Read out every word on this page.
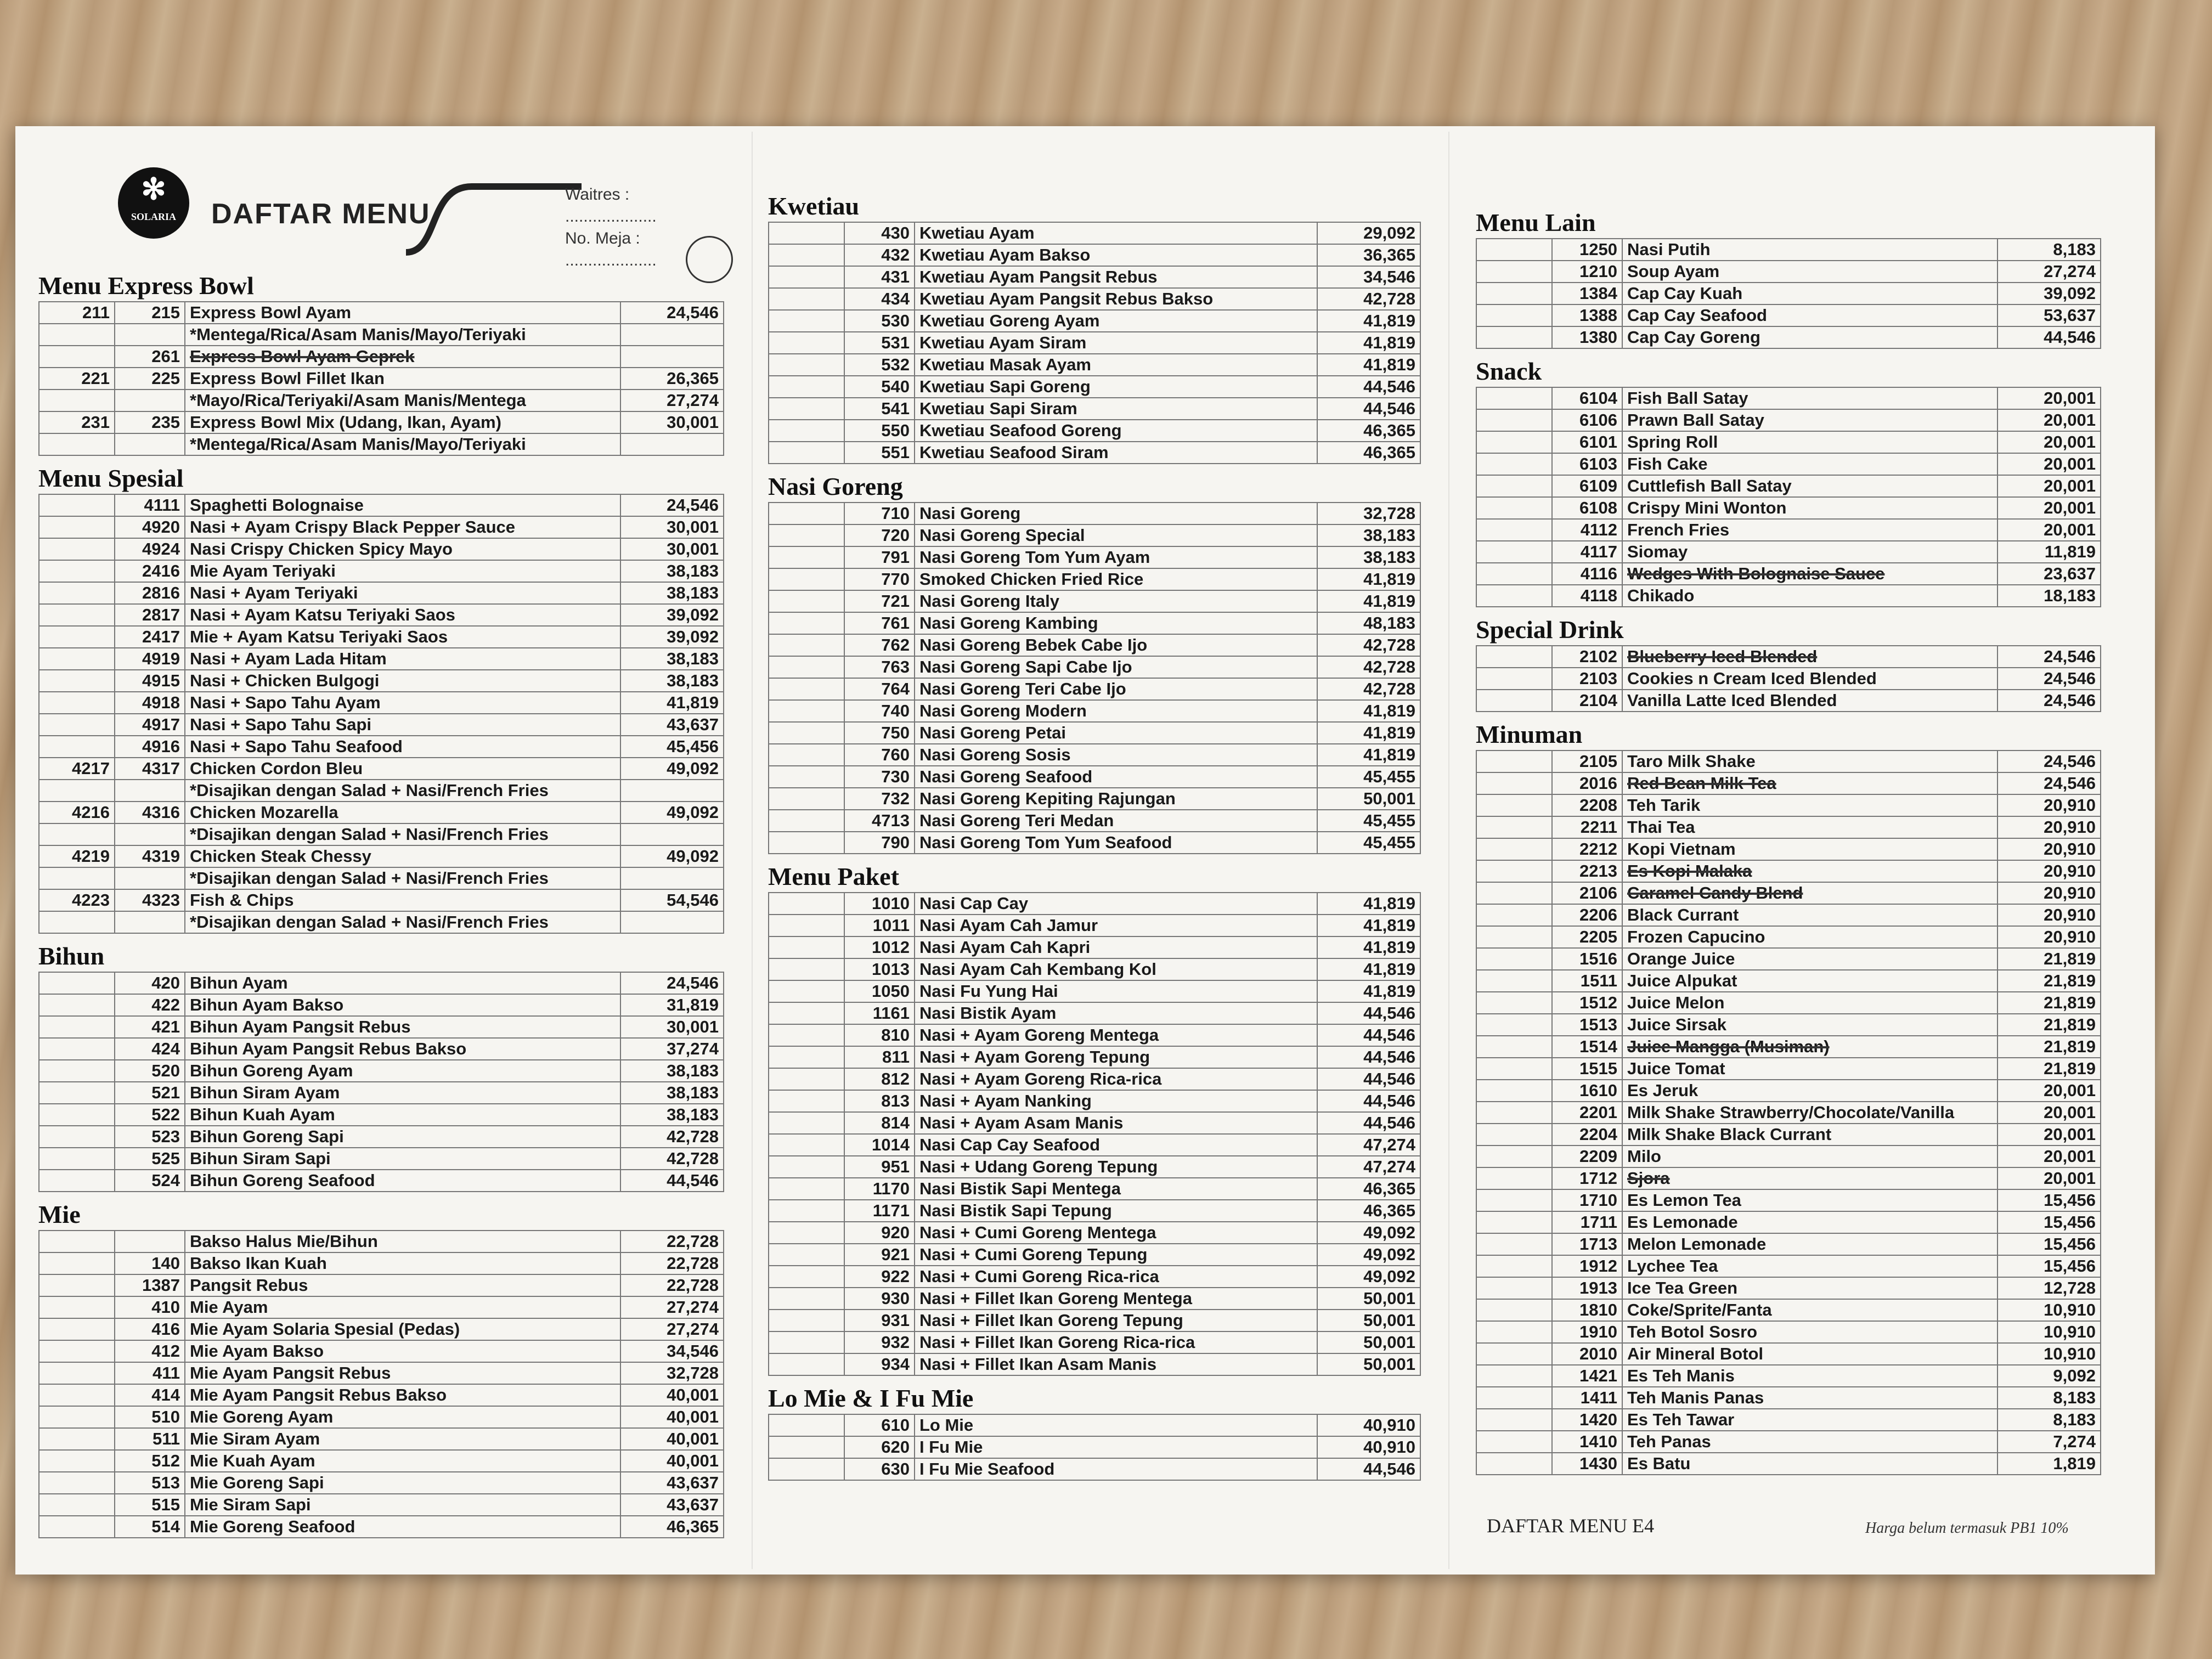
✻
SOLARIA	DAFTAR MENU
Waitres : ....................
No. Meja : ....................
Menu Express Bowl
211	215	Express Bowl Ayam	24,546
		*Mentega/Rica/Asam Manis/Mayo/Teriyaki	
	261	Express Bowl Ayam Geprek	
221	225	Express Bowl Fillet Ikan	26,365
		*Mayo/Rica/Teriyaki/Asam Manis/Mentega	27,274
231	235	Express Bowl Mix (Udang, Ikan, Ayam)	30,001
		*Mentega/Rica/Asam Manis/Mayo/Teriyaki	
Menu Spesial
	4111	Spaghetti Bolognaise	24,546
	4920	Nasi + Ayam Crispy Black Pepper Sauce	30,001
	4924	Nasi Crispy Chicken Spicy Mayo	30,001
	2416	Mie Ayam Teriyaki	38,183
	2816	Nasi + Ayam Teriyaki	38,183
	2817	Nasi + Ayam Katsu Teriyaki Saos	39,092
	2417	Mie + Ayam Katsu Teriyaki Saos	39,092
	4919	Nasi + Ayam Lada Hitam	38,183
	4915	Nasi + Chicken Bulgogi	38,183
	4918	Nasi + Sapo Tahu Ayam	41,819
	4917	Nasi + Sapo Tahu Sapi	43,637
	4916	Nasi + Sapo Tahu Seafood	45,456
4217	4317	Chicken Cordon Bleu	49,092
		*Disajikan dengan Salad + Nasi/French Fries	
4216	4316	Chicken Mozarella	49,092
		*Disajikan dengan Salad + Nasi/French Fries	
4219	4319	Chicken Steak Chessy	49,092
		*Disajikan dengan Salad + Nasi/French Fries	
4223	4323	Fish & Chips	54,546
		*Disajikan dengan Salad + Nasi/French Fries	
Bihun
	420	Bihun Ayam	24,546
	422	Bihun Ayam Bakso	31,819
	421	Bihun Ayam Pangsit Rebus	30,001
	424	Bihun Ayam Pangsit Rebus Bakso	37,274
	520	Bihun Goreng Ayam	38,183
	521	Bihun Siram Ayam	38,183
	522	Bihun Kuah Ayam	38,183
	523	Bihun Goreng Sapi	42,728
	525	Bihun Siram Sapi	42,728
	524	Bihun Goreng Seafood	44,546
Mie
		Bakso Halus Mie/Bihun	22,728
	140	Bakso Ikan Kuah	22,728
	1387	Pangsit Rebus	22,728
	410	Mie Ayam	27,274
	416	Mie Ayam Solaria Spesial (Pedas)	27,274
	412	Mie Ayam Bakso	34,546
	411	Mie Ayam Pangsit Rebus	32,728
	414	Mie Ayam Pangsit Rebus Bakso	40,001
	510	Mie Goreng Ayam	40,001
	511	Mie Siram Ayam	40,001
	512	Mie Kuah Ayam	40,001
	513	Mie Goreng Sapi	43,637
	515	Mie Siram Sapi	43,637
	514	Mie Goreng Seafood	46,365
Kwetiau
	430	Kwetiau Ayam	29,092
	432	Kwetiau Ayam Bakso	36,365
	431	Kwetiau Ayam Pangsit Rebus	34,546
	434	Kwetiau Ayam Pangsit Rebus Bakso	42,728
	530	Kwetiau Goreng Ayam	41,819
	531	Kwetiau Ayam Siram	41,819
	532	Kwetiau Masak Ayam	41,819
	540	Kwetiau Sapi Goreng	44,546
	541	Kwetiau Sapi Siram	44,546
	550	Kwetiau Seafood Goreng	46,365
	551	Kwetiau Seafood Siram	46,365
Nasi Goreng
	710	Nasi Goreng	32,728
	720	Nasi Goreng Special	38,183
	791	Nasi Goreng Tom Yum Ayam	38,183
	770	Smoked Chicken Fried Rice	41,819
	721	Nasi Goreng Italy	41,819
	761	Nasi Goreng Kambing	48,183
	762	Nasi Goreng Bebek Cabe Ijo	42,728
	763	Nasi Goreng Sapi Cabe Ijo	42,728
	764	Nasi Goreng Teri Cabe Ijo	42,728
	740	Nasi Goreng Modern	41,819
	750	Nasi Goreng Petai	41,819
	760	Nasi Goreng Sosis	41,819
	730	Nasi Goreng Seafood	45,455
	732	Nasi Goreng Kepiting Rajungan	50,001
	4713	Nasi Goreng Teri Medan	45,455
	790	Nasi Goreng Tom Yum Seafood	45,455
Menu Paket
	1010	Nasi Cap Cay	41,819
	1011	Nasi Ayam Cah Jamur	41,819
	1012	Nasi Ayam Cah Kapri	41,819
	1013	Nasi Ayam Cah Kembang Kol	41,819
	1050	Nasi Fu Yung Hai	41,819
	1161	Nasi Bistik Ayam	44,546
	810	Nasi + Ayam Goreng Mentega	44,546
	811	Nasi + Ayam Goreng Tepung	44,546
	812	Nasi + Ayam Goreng Rica-rica	44,546
	813	Nasi + Ayam Nanking	44,546
	814	Nasi + Ayam Asam Manis	44,546
	1014	Nasi Cap Cay Seafood	47,274
	951	Nasi + Udang Goreng Tepung	47,274
	1170	Nasi Bistik Sapi Mentega	46,365
	1171	Nasi Bistik Sapi Tepung	46,365
	920	Nasi + Cumi Goreng Mentega	49,092
	921	Nasi + Cumi Goreng Tepung	49,092
	922	Nasi + Cumi Goreng Rica-rica	49,092
	930	Nasi + Fillet Ikan Goreng Mentega	50,001
	931	Nasi + Fillet Ikan Goreng Tepung	50,001
	932	Nasi + Fillet Ikan Goreng Rica-rica	50,001
	934	Nasi + Fillet Ikan Asam Manis	50,001
Lo Mie & I Fu Mie
	610	Lo Mie	40,910
	620	I Fu Mie	40,910
	630	I Fu Mie Seafood	44,546
Menu Lain
	1250	Nasi Putih	8,183
	1210	Soup Ayam	27,274
	1384	Cap Cay Kuah	39,092
	1388	Cap Cay Seafood	53,637
	1380	Cap Cay Goreng	44,546
Snack
	6104	Fish Ball Satay	20,001
	6106	Prawn Ball Satay	20,001
	6101	Spring Roll	20,001
	6103	Fish Cake	20,001
	6109	Cuttlefish Ball Satay	20,001
	6108	Crispy Mini Wonton	20,001
	4112	French Fries	20,001
	4117	Siomay	11,819
	4116	Wedges With Bolognaise Sauce	23,637
	4118	Chikado	18,183
Special Drink
	2102	Blueberry Iced Blended	24,546
	2103	Cookies n Cream Iced Blended	24,546
	2104	Vanilla Latte Iced Blended	24,546
Minuman
	2105	Taro Milk Shake	24,546
	2016	Red Bean Milk Tea	24,546
	2208	Teh Tarik	20,910
	2211	Thai Tea	20,910
	2212	Kopi Vietnam	20,910
	2213	Es Kopi Malaka	20,910
	2106	Caramel Candy Blend	20,910
	2206	Black Currant	20,910
	2205	Frozen Capucino	20,910
	1516	Orange Juice	21,819
	1511	Juice Alpukat	21,819
	1512	Juice Melon	21,819
	1513	Juice Sirsak	21,819
	1514	Juice Mangga (Musiman)	21,819
	1515	Juice Tomat	21,819
	1610	Es Jeruk	20,001
	2201	Milk Shake Strawberry/Chocolate/Vanilla	20,001
	2204	Milk Shake Black Currant	20,001
	2209	Milo	20,001
	1712	Sjora	20,001
	1710	Es Lemon Tea	15,456
	1711	Es Lemonade	15,456
	1713	Melon Lemonade	15,456
	1912	Lychee Tea	15,456
	1913	Ice Tea Green	12,728
	1810	Coke/Sprite/Fanta	10,910
	1910	Teh Botol Sosro	10,910
	2010	Air Mineral Botol	10,910
	1421	Es Teh Manis	9,092
	1411	Teh Manis Panas	8,183
	1420	Es Teh Tawar	8,183
	1410	Teh Panas	7,274
	1430	Es Batu	1,819
DAFTAR MENU E4	Harga belum termasuk PB1 10%
